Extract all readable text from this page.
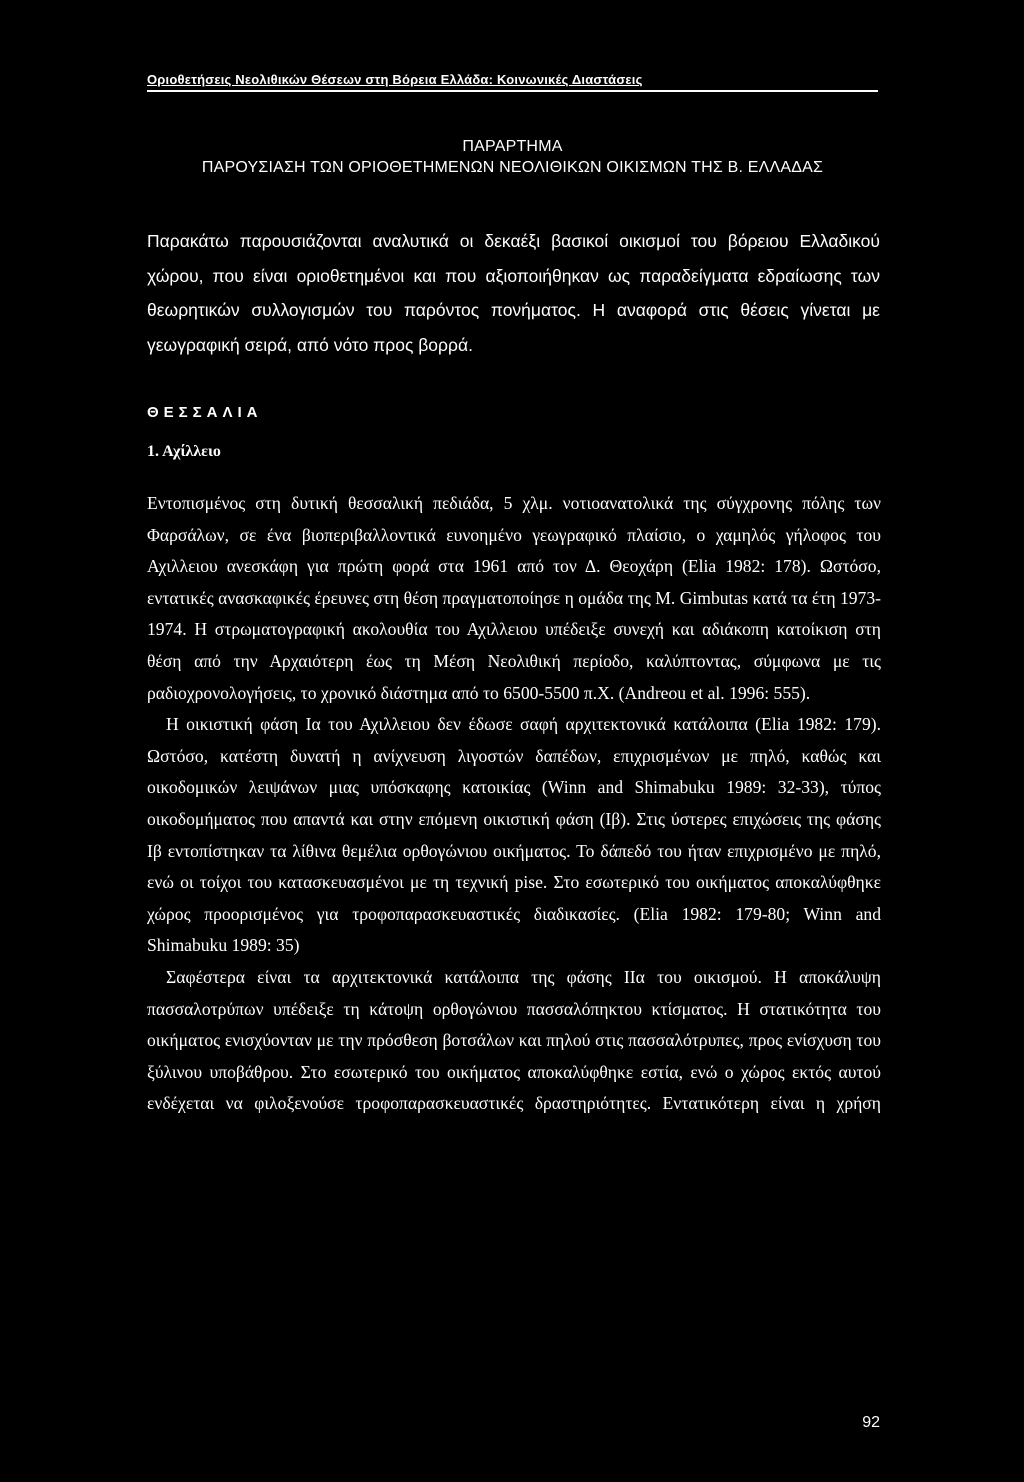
Οριοθετήσεις Νεολιθικών Θέσεων στη Βόρεια Ελλάδα: Κοινωνικές Διαστάσεις
ΠΑΡΑΡΤΗΜΑ
ΠΑΡΟΥΣΙΑΣΗ ΤΩΝ ΟΡΙΟΘΕΤΗΜΕΝΩΝ ΝΕΟΛΙΘΙΚΩΝ ΟΙΚΙΣΜΩΝ ΤΗΣ Β. ΕΛΛΑΔΑΣ
Παρακάτω παρουσιάζονται αναλυτικά οι δεκαέξι βασικοί οικισμοί του βόρειου Ελλαδικού χώρου, που είναι οριοθετημένοι και που αξιοποιήθηκαν ως παραδείγματα εδραίωσης των θεωρητικών συλλογισμών του παρόντος πονήματος. Η αναφορά στις θέσεις γίνεται με γεωγραφική σειρά, από νότο προς βορρά.
ΘΕΣΣΑΛΙΑ
1. Αχίλλειο

Εντοπισμένος στη δυτική θεσσαλική πεδιάδα, 5 χλμ. νοτιοανατολικά της σύγχρονης πόλης των Φαρσάλων, σε ένα βιοπεριβαλλοντικά ευνοημένο γεωγραφικό πλαίσιο, ο χαμηλός γήλοφος του Αχιλλειου ανεσκάφη για πρώτη φορά στα 1961 από τον Δ. Θεοχάρη (Elia 1982: 178). Ωστόσο, εντατικές ανασκαφικές έρευνες στη θέση πραγματοποίησε η ομάδα της Μ. Gimbutas κατά τα έτη 1973-1974. Η στρωματογραφική ακολουθία του Αχιλλειου υπέδειξε συνεχή και αδιάκοπη κατοίκιση στη θέση από την Αρχαιότερη έως τη Μέση Νεολιθική περίοδο, καλύπτοντας, σύμφωνα με τις ραδιοχρονολογήσεις, το χρονικό διάστημα από το 6500-5500 π.Χ. (Andreou et al. 1996: 555).

Η οικιστική φάση Ια του Αχιλλειου δεν έδωσε σαφή αρχιτεκτονικά κατάλοιπα (Elia 1982: 179). Ωστόσο, κατέστη δυνατή η ανίχνευση λιγοστών δαπέδων, επιχρισμένων με πηλό, καθώς και οικοδομικών λειψάνων μιας υπόσκαφης κατοικίας (Winn and Shimabuku 1989: 32-33), τύπος οικοδομήματος που απαντά και στην επόμενη οικιστική φάση (Ιβ). Στις ύστερες επιχώσεις της φάσης Ιβ εντοπίστηκαν τα λίθινα θεμέλια ορθογώνιου οικήματος. Το δάπεδό του ήταν επιχρισμένο με πηλό, ενώ οι τοίχοι του κατασκευασμένοι με τη τεχνική pise. Στο εσωτερικό του οικήματος αποκαλύφθηκε χώρος προορισμένος για τροφοπαρασκευαστικές διαδικασίες. (Elia 1982: 179-80; Winn and Shimabuku 1989: 35)

Σαφέστερα είναι τα αρχιτεκτονικά κατάλοιπα της φάσης ΙΙα του οικισμού. Η αποκάλυψη πασσαλοτρύπων υπέδειξε τη κάτοψη ορθογώνιου πασσαλόπηκτου κτίσματος. Η στατικότητα του οικήματος ενισχύονταν με την πρόσθεση βοτσάλων και πηλού στις πασσαλότρυπες, προς ενίσχυση του ξύλινου υποβάθρου. Στο εσωτερικό του οικήματος αποκαλύφθηκε εστία, ενώ ο χώρος εκτός αυτού ενδέχεται να φιλοξενούσε τροφοπαρασκευαστικές δραστηριότητες. Εντατικότερη είναι η χρήση

92
